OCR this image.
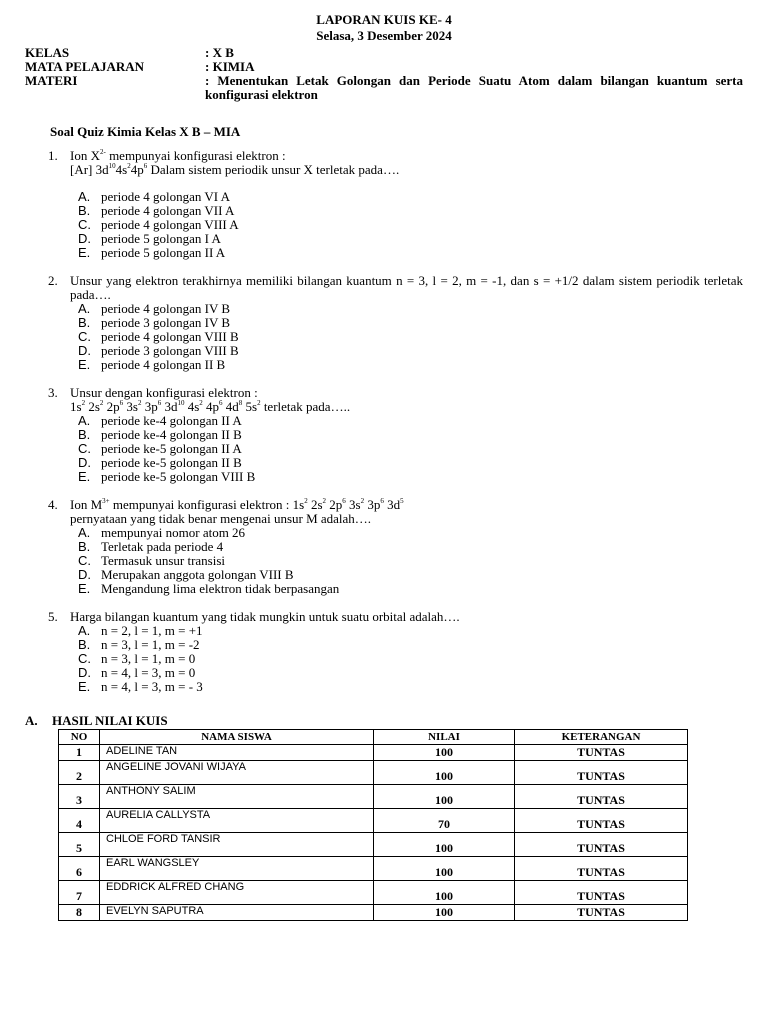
LAPORAN KUIS KE- 4
Selasa, 3 Desember 2024
KELAS	: X B
MATA PELAJARAN	: KIMIA
MATERI	: Menentukan Letak Golongan dan Periode Suatu Atom dalam bilangan kuantum serta konfigurasi elektron
Soal Quiz Kimia Kelas X B – MIA
1. Ion $X^{2-}$ mempunyai konfigurasi elektron :
[Ar] $3d^{10}4s^24p^6$ Dalam sistem periodik unsur X terletak pada….
A. periode 4 golongan VI A
B. periode 4 golongan VII A
C. periode 4 golongan VIII A
D. periode 5 golongan I A
E. periode 5 golongan II A
2. Unsur yang elektron terakhirnya memiliki bilangan kuantum n = 3, l = 2, m = -1, dan s = +1/2 dalam sistem periodik terletak pada….
A. periode 4 golongan IV B
B. periode 3 golongan IV B
C. periode 4 golongan VIII B
D. periode 3 golongan VIII B
E. periode 4 golongan II B
3. Unsur dengan konfigurasi elektron :
$1s^2$ $2s^2$ $2p^6$ $3s^2$ $3p^6$ $3d^{10}$ $4s^2$ $4p^6$ $4d^8$ $5s^2$ terletak pada…..
A. periode ke-4 golongan II A
B. periode ke-4 golongan II B
C. periode ke-5 golongan II A
D. periode ke-5 golongan II B
E. periode ke-5 golongan VIII B
4. Ion $M^{3+}$ mempunyai konfigurasi elektron : $1s^2$ $2s^2$ $2p^6$ $3s^2$ $3p^6$ $3d^5$
pernyataan yang tidak benar mengenai unsur M adalah….
A. mempunyai nomor atom 26
B. Terletak pada periode 4
C. Termasuk unsur transisi
D. Merupakan anggota golongan VIII B
E. Mengandung lima elektron tidak berpasangan
5. Harga bilangan kuantum yang tidak mungkin untuk suatu orbital adalah….
A. n = 2, l = 1, m = +1
B. n = 3, l = 1, m = -2
C. n = 3, l = 1, m = 0
D. n = 4, l = 3, m = 0
E. n = 4, l = 3, m = - 3
A.	HASIL NILAI KUIS
NO	NAMA SISWA	NILAI	KETERANGAN
1	ADELINE TAN	100	TUNTAS
2	ANGELINE JOVANI WIJAYA	100	TUNTAS
3	ANTHONY SALIM	100	TUNTAS
4	AURELIA CALLYSTA	70	TUNTAS
5	CHLOE FORD TANSIR	100	TUNTAS
6	EARL WANGSLEY	100	TUNTAS
7	EDDRICK ALFRED CHANG	100	TUNTAS
8	EVELYN SAPUTRA	100	TUNTAS
